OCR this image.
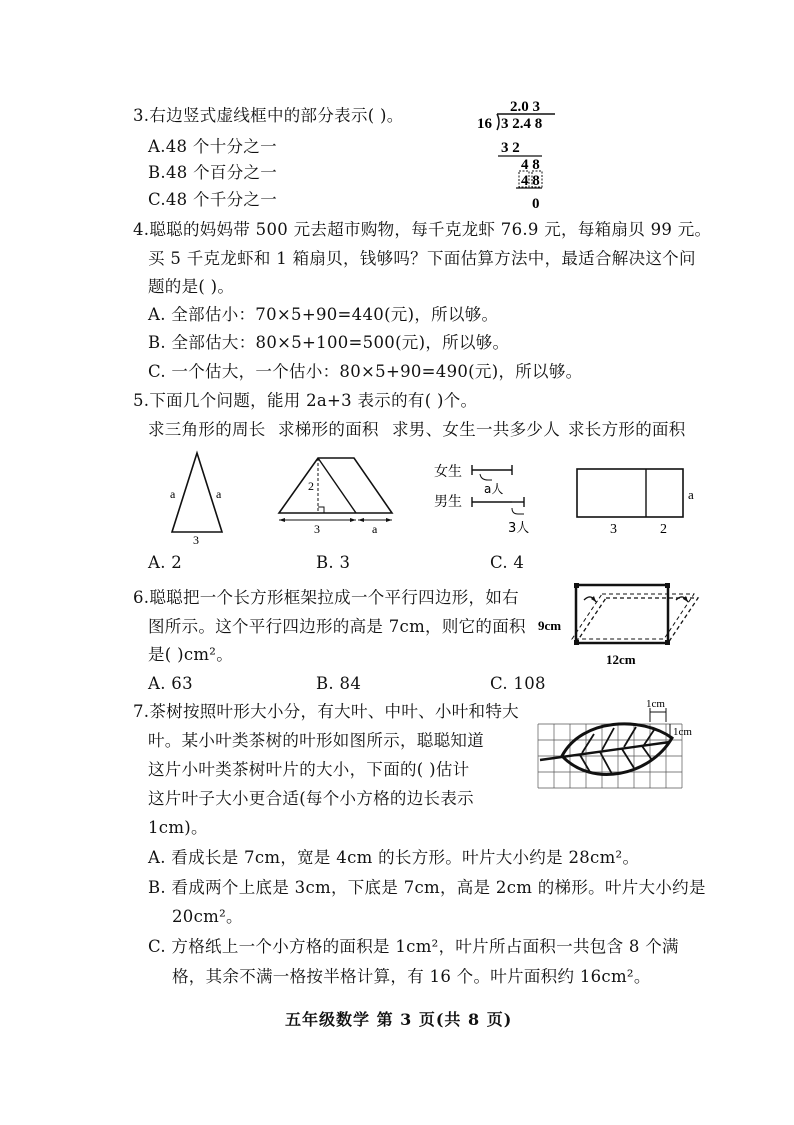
3.右边竖式虚线框中的部分表示( )。
A.48 个十分之一
B.48 个百分之一
C.48 个千分之一
2.0 3
16 3 2.4 8
3 2
4 8
4 8
0
4.聪聪的妈妈带 500 元去超市购物，每千克龙虾 76.9 元，每箱扇贝 99 元。
买 5 千克龙虾和 1 箱扇贝，钱够吗？下面估算方法中，最适合解决这个问
题的是( )。
A. 全部估小：70×5+90=440(元)，所以够。
B. 全部估大：80×5+100=500(元)，所以够。
C. 一个估大，一个估小：80×5+90=490(元)，所以够。
5.下面几个问题，能用 2a+3 表示的有( )个。
求三角形的周长 求梯形的面积 求男、女生一共多少人 求长方形的面积
a	a
3
2
3	a
女生
男生
a人
3人	3	2
a
A. 2	B. 3	C. 4
6.聪聪把一个长方形框架拉成一个平行四边形，如右
图所示。这个平行四边形的高是 7cm，则它的面积
是( )cm²。
A. 63	B. 84	C. 108
9cm
12cm
7.茶树按照叶形大小分，有大叶、中叶、小叶和特大
叶。某小叶类茶树的叶形如图所示，聪聪知道
这片小叶类茶树叶片的大小，下面的( )估计
这片叶子大小更合适(每个小方格的边长表示
1cm)。
1cm
1cm
A. 看成长是 7cm，宽是 4cm 的长方形。叶片大小约是 28cm²。
B. 看成两个上底是 3cm，下底是 7cm，高是 2cm 的梯形。叶片大小约是
20cm²。
C. 方格纸上一个小方格的面积是 1cm²，叶片所占面积一共包含 8 个满
格，其余不满一格按半格计算，有 16 个。叶片面积约 16cm²。
五年级数学 第 3 页(共 8 页)
